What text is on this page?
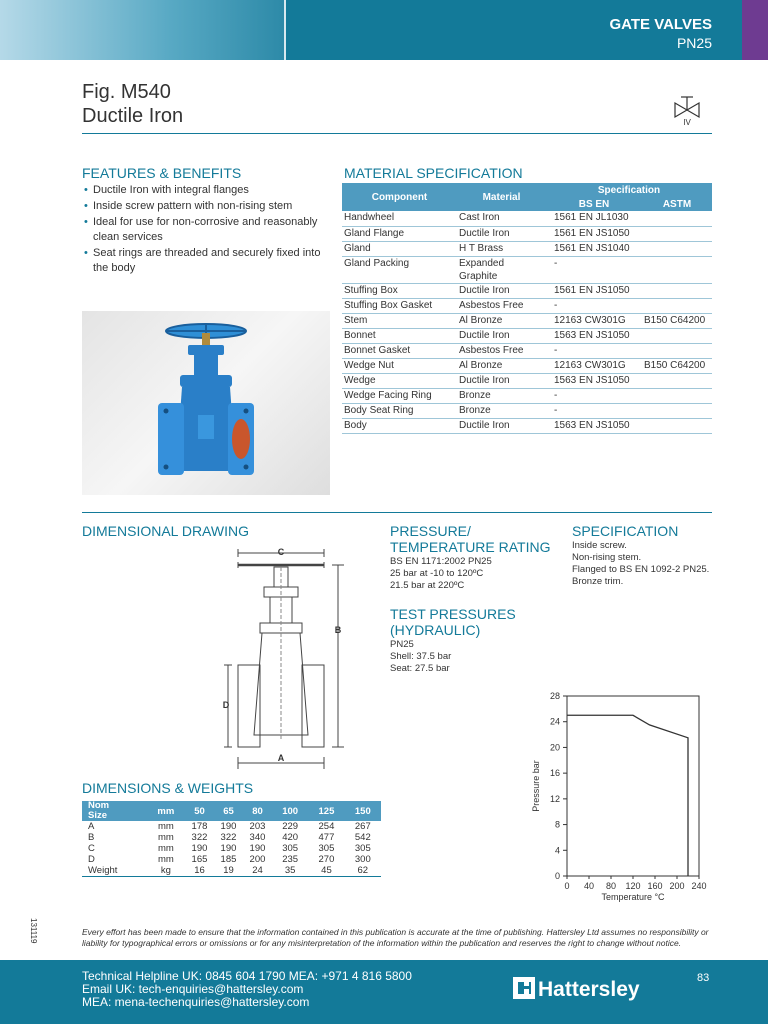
GATE VALVES
PN25
Fig. M540
Ductile Iron	IV
FEATURES & BENEFITS
• Ductile Iron with integral flanges
• Inside screw pattern with non-rising stem
• Ideal for use for non-corrosive and reasonably clean services
• Seat rings are threaded and securely fixed into the body
MATERIAL SPECIFICATION
Component	Material	Specification	
		BS EN	ASTM
Handwheel	Cast Iron	1561 EN JL1030	
Gland Flange	Ductile Iron	1561 EN JS1050	
Gland	H T Brass	1561 EN JS1040	
Gland Packing	Expanded Graphite	-	
Stuffing Box	Ductile Iron	1561 EN JS1050	
Stuffing Box Gasket	Asbestos Free	-	
Stem	Al Bronze	12163 CW301G	B150 C64200
Bonnet	Ductile Iron	1563 EN JS1050	
Bonnet Gasket	Asbestos Free	-	
Wedge Nut	Al Bronze	12163 CW301G	B150 C64200
Wedge	Ductile Iron	1563 EN JS1050	
Wedge Facing Ring	Bronze	-	
Body Seat Ring	Bronze	-	
Body	Ductile Iron	1563 EN JS1050	
DIMENSIONAL DRAWING
C
B
D
A
PRESSURE/
TEMPERATURE RATING
BS EN 1171:2002 PN25
25 bar at -10 to 120ºC
21.5 bar at 220ºC
TEST PRESSURES
(HYDRAULIC)
PN25
Shell: 37.5 bar
Seat: 27.5 bar
SPECIFICATION
Inside screw.
Non-rising stem.
Flanged to BS EN 1092-2 PN25.
Bronze trim.
0
4
8
12
16
20
24
28
0 40 80 120 160 200 240
Temperature °C
Pressure bar
DIMENSIONS & WEIGHTS
Nom
Size	mm	50	65	80	100	125	150
A	mm	178	190	203	229	254	267
B	mm	322	322	340	420	477	542
C	mm	190	190	190	305	305	305
D	mm	165	185	200	235	270	300
Weight	kg	16	19	24	35	45	62
131119	Every effort has been made to ensure that the information contained in this publication is accurate at the time of publishing. Hattersley Ltd assumes no responsibility or liability for typographical errors or omissions or for any misinterpretation of the information within the publication and reserves the right to change without notice.
Technical Helpline UK: 0845 604 1790 MEA: +971 4 816 5800
Email UK: tech-enquiries@hattersley.com
MEA: mena-techenquiries@hattersley.com
Hattersley	83
